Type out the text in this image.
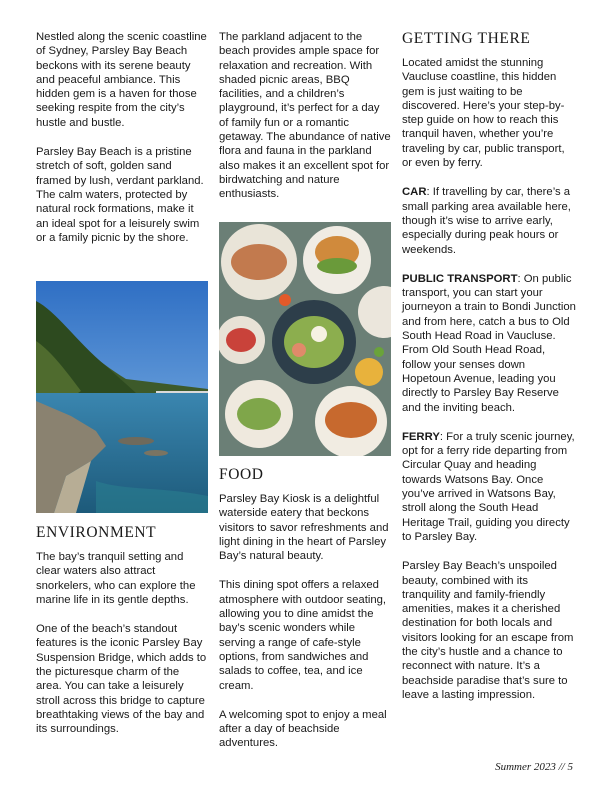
Nestled along the scenic coastline of Sydney, Parsley Bay Beach beckons with its serene beauty and peaceful ambiance. This hidden gem is a haven for those seeking respite from the city’s hustle and bustle.

Parsley Bay Beach is a pristine stretch of soft, golden sand framed by lush, verdant parkland. The calm waters, protected by natural rock formations, make it an ideal spot for a leisurely swim or a family picnic by the shore.

ENVIRONMENT

The bay’s tranquil setting and clear waters also attract snorkelers, who can explore the marine life in its gentle depths.

One of the beach’s standout features is the iconic Parsley Bay Suspension Bridge, which adds to the picturesque charm of the area. You can take a leisurely stroll across this bridge to capture breathtaking views of the bay and its surroundings.

The parkland adjacent to the beach provides ample space for relaxation and recreation. With shaded picnic areas, BBQ facilities, and a children’s playground, it’s perfect for a day of family fun or a romantic getaway. The abundance of native flora and fauna in the parkland also makes it an excellent spot for birdwatching and nature enthusiasts.

FOOD

Parsley Bay Kiosk is a delightful waterside eatery that beckons visitors to savor refreshments and light dining in the heart of Parsley Bay’s natural beauty.

This dining spot offers a relaxed atmosphere with outdoor seating, allowing you to dine amidst the bay’s scenic wonders while serving a range of cafe-style options, from sandwiches and salads to coffee, tea, and ice cream.

A welcoming spot to enjoy a meal after a day of beachside adventures.

GETTING THERE

Located amidst the stunning Vaucluse coastline, this hidden gem is just waiting to be discovered. Here’s your step-by-step guide on how to reach this tranquil haven, whether you’re traveling by car, public transport, or even by ferry.

CAR: If travelling by car, there’s a small parking area available here, though it’s wise to arrive early, especially during peak hours or weekends.

PUBLIC TRANSPORT: On public transport, you can start your journeyon a train to Bondi Junction and from here, catch a bus to Old South Head Road in Vaucluse. From Old South Head Road, follow your senses down Hopetoun Avenue, leading you directly to Parsley Bay Reserve and the inviting beach.

FERRY: For a truly scenic journey, opt for a ferry ride departing from Circular Quay and heading towards Watsons Bay. Once you’ve arrived in Watsons Bay, stroll along the South Head Heritage Trail, guiding you directy to Parsley Bay.

Parsley Bay Beach’s unspoiled beauty, combined with its tranquility and family-friendly amenities, makes it a cherished destination for both locals and visitors looking for an escape from the city’s hustle and a chance to reconnect with nature. It’s a beachside paradise that’s sure to leave a lasting impression.

Summer 2023 // 5
